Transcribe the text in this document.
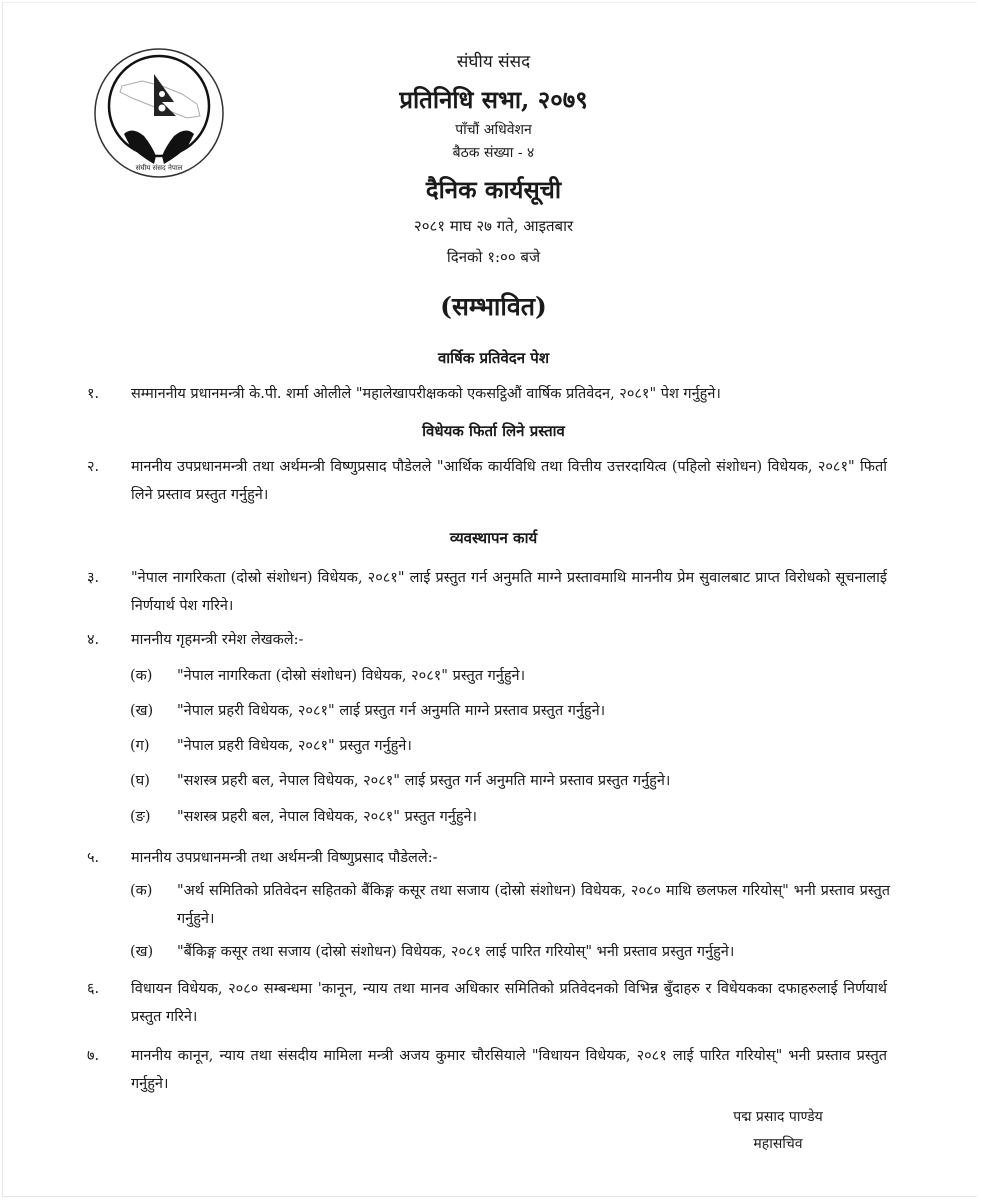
संघीय संसद नेपाल
संघीय संसद
प्रतिनिधि सभा, २०७९
पाँचौं अधिवेशन
बैठक संख्या - ४
दैनिक कार्यसूची
२०८१ माघ २७ गते, आइतबार
दिनको १:०० बजे
(सम्भावित)
वार्षिक प्रतिवेदन पेश
१.	सम्माननीय प्रधानमन्त्री के.पी. शर्मा ओलीले "महालेखापरीक्षकको एकसट्ठिऔं वार्षिक प्रतिवेदन, २०८१" पेश गर्नुहुने।
विधेयक फिर्ता लिने प्रस्ताव
२.	माननीय उपप्रधानमन्त्री तथा अर्थमन्त्री विष्णुप्रसाद पौडेलले "आर्थिक कार्यविधि तथा वित्तीय उत्तरदायित्व (पहिलो संशोधन) विधेयक, २०८१" फिर्ता लिने प्रस्ताव प्रस्तुत गर्नुहुने।
व्यवस्थापन कार्य
३.	"नेपाल नागरिकता (दोस्रो संशोधन) विधेयक, २०८१" लाई प्रस्तुत गर्न अनुमति माग्ने प्रस्तावमाथि माननीय प्रेम सुवालबाट प्राप्त विरोधको सूचनालाई निर्णयार्थ पेश गरिने।
४.	माननीय गृहमन्त्री रमेश लेखकले:-
(क)	"नेपाल नागरिकता (दोस्रो संशोधन) विधेयक, २०८१" प्रस्तुत गर्नुहुने।
(ख)	"नेपाल प्रहरी विधेयक, २०८१" लाई प्रस्तुत गर्न अनुमति माग्ने प्रस्ताव प्रस्तुत गर्नुहुने।
(ग)	"नेपाल प्रहरी विधेयक, २०८१" प्रस्तुत गर्नुहुने।
(घ)	"सशस्त्र प्रहरी बल, नेपाल विधेयक, २०८१" लाई प्रस्तुत गर्न अनुमति माग्ने प्रस्ताव प्रस्तुत गर्नुहुने।
(ङ)	"सशस्त्र प्रहरी बल, नेपाल विधेयक, २०८१" प्रस्तुत गर्नुहुने।
५.	माननीय उपप्रधानमन्त्री तथा अर्थमन्त्री विष्णुप्रसाद पौडेलले:-
(क)	"अर्थ समितिको प्रतिवेदन सहितको बैंकिङ्ग कसूर तथा सजाय (दोस्रो संशोधन) विधेयक, २०८० माथि छलफल गरियोस्" भनी प्रस्ताव प्रस्तुत गर्नुहुने।
(ख)	"बैंकिङ्ग कसूर तथा सजाय (दोस्रो संशोधन) विधेयक, २०८१ लाई पारित गरियोस्" भनी प्रस्ताव प्रस्तुत गर्नुहुने।
६.	विधायन विधेयक, २०८० सम्बन्धमा 'कानून, न्याय तथा मानव अधिकार समितिको प्रतिवेदनको विभिन्न बुँदाहरु र विधेयकका दफाहरुलाई निर्णयार्थ प्रस्तुत गरिने।
७.	माननीय कानून, न्याय तथा संसदीय मामिला मन्त्री अजय कुमार चौरसियाले "विधायन विधेयक, २०८१ लाई पारित गरियोस्" भनी प्रस्ताव प्रस्तुत गर्नुहुने।
पद्म प्रसाद पाण्डेय
महासचिव
